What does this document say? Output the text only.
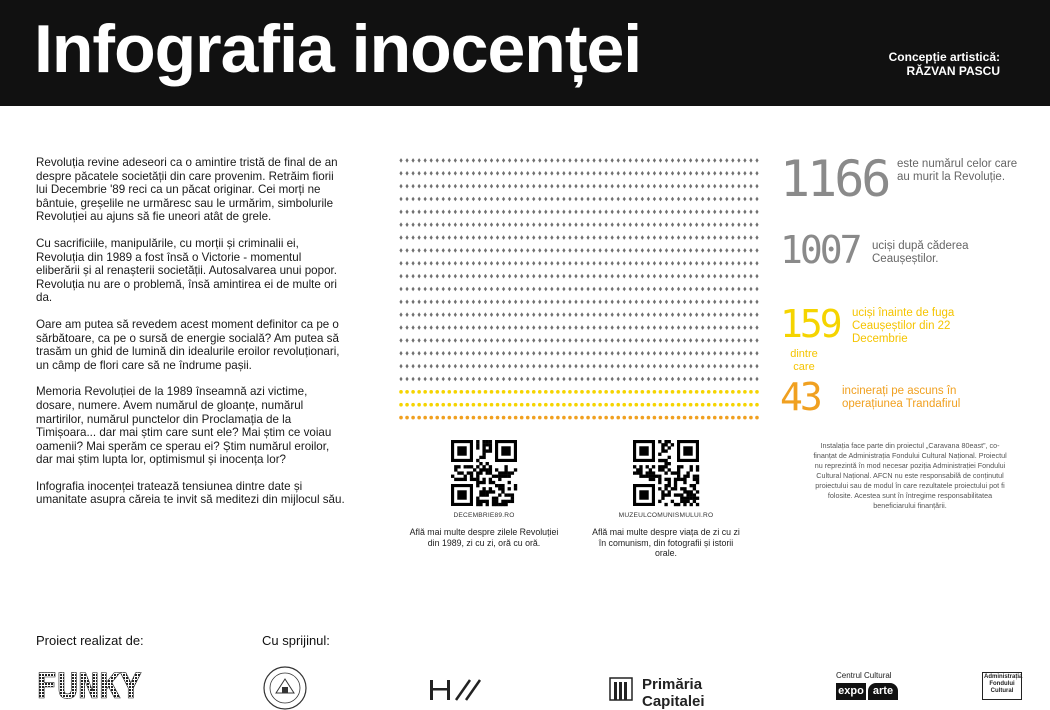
Infografia inocenței	Concepție artistică:
RĂZVAN PASCU

Revoluția revine adeseori ca o amintire tristă de final de an despre păcatele societății din care provenim. Retrăim fiorii lui Decembrie '89 reci ca un păcat originar. Cei morți ne bântuie, greșelile ne urmăresc sau le urmărim, simbolurile Revoluției au ajuns să fie uneori atât de grele.

Cu sacrificiile, manipulările, cu morții și criminalii ei, Revoluția din 1989 a fost însă o Victorie - momentul eliberării și al renașterii societății. Autosalvarea unui popor. Revoluția nu are o problemă, însă amintirea ei de multe ori da.

Oare am putea să revedem acest moment definitor ca pe o sărbătoare, ca pe o sursă de energie socială? Am putea să trasăm un ghid de lumină din idealurile eroilor revoluționari, un câmp de flori care să ne îndrume pașii.

Memoria Revoluției de la 1989 înseamnă azi victime, dosare, numere. Avem numărul de gloanțe, numărul martirilor, numărul punctelor din Proclamația de la Timișoara... dar mai știm care sunt ele? Mai știm ce voiau oamenii? Mai sperăm ce sperau ei? Știm numărul eroilor, dar mai știm lupta lor, optimismul și inocența lor?

Infografia inocenței tratează tensiunea dintre date și umanitate asupra căreia te invit să meditezi din mijlocul său.

1166 este numărul celor care au murit la Revoluție.
1007 uciși după căderea Ceaușeștilor.
159 uciși înainte de fuga Ceaușeștilor din 22 Decembrie
dintre care
43 incinerați pe ascuns în operațiunea Trandafirul
Instalația face parte din proiectul „Caravana 80east”, co-finanțat de Administrația Fondului Cultural Național. Proiectul nu reprezintă în mod necesar poziția Administrației Fondului Cultural Național. AFCN nu este responsabilă de conținutul proiectului sau de modul în care rezultatele proiectului pot fi folosite. Acestea sunt în întregime responsabilitatea beneficiarului finanțării.
DECEMBRIE89.RO
Află mai multe despre zilele Revoluției din 1989, zi cu zi, oră cu oră.
MUZEULCOMUNISMULUI.RO
Află mai multe despre viața de zi cu zi în comunism, din fotografii și istorii orale.
Proiect realizat de:	Cu sprijinul:
FUNKY	Primăria Capitalei
Centrul Cultural
expo arte
Administrația Fondului Cultural
